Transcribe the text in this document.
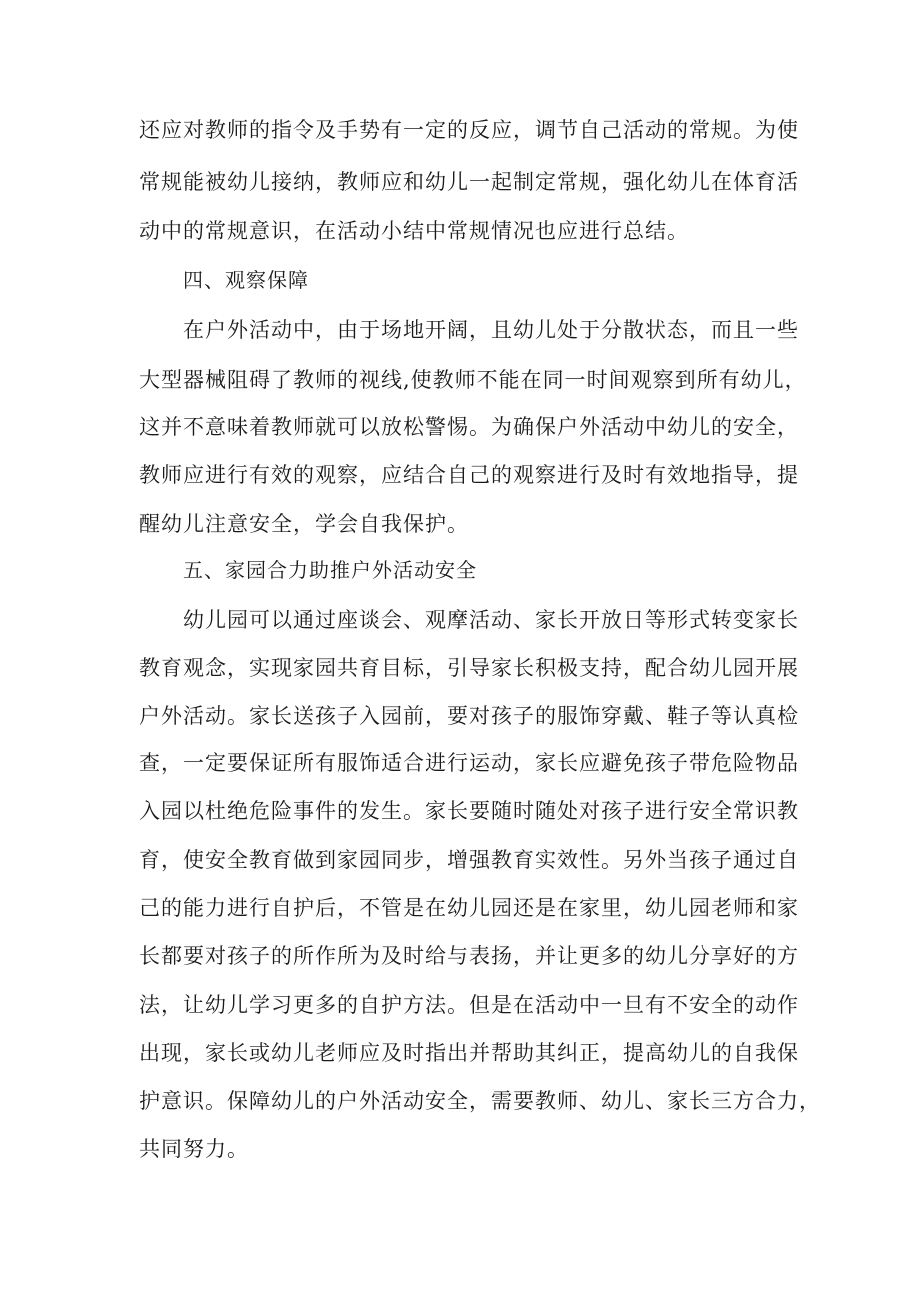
还应对教师的指令及手势有一定的反应，调节自己活动的常规。为使
常规能被幼儿接纳，教师应和幼儿一起制定常规，强化幼儿在体育活
动中的常规意识，在活动小结中常规情况也应进行总结。
四、观察保障
在户外活动中，由于场地开阔，且幼儿处于分散状态，而且一些
大型器械阻碍了教师的视线,使教师不能在同一时间观察到所有幼儿，
这并不意味着教师就可以放松警惕。为确保户外活动中幼儿的安全，
教师应进行有效的观察，应结合自己的观察进行及时有效地指导，提
醒幼儿注意安全，学会自我保护。
五、家园合力助推户外活动安全
幼儿园可以通过座谈会、观摩活动、家长开放日等形式转变家长
教育观念，实现家园共育目标，引导家长积极支持，配合幼儿园开展
户外活动。家长送孩子入园前，要对孩子的服饰穿戴、鞋子等认真检
查，一定要保证所有服饰适合进行运动，家长应避免孩子带危险物品
入园以杜绝危险事件的发生。家长要随时随处对孩子进行安全常识教
育，使安全教育做到家园同步，增强教育实效性。另外当孩子通过自
己的能力进行自护后，不管是在幼儿园还是在家里，幼儿园老师和家
长都要对孩子的所作所为及时给与表扬，并让更多的幼儿分享好的方
法，让幼儿学习更多的自护方法。但是在活动中一旦有不安全的动作
出现，家长或幼儿老师应及时指出并帮助其纠正，提高幼儿的自我保
护意识。保障幼儿的户外活动安全，需要教师、幼儿、家长三方合力，
共同努力。
